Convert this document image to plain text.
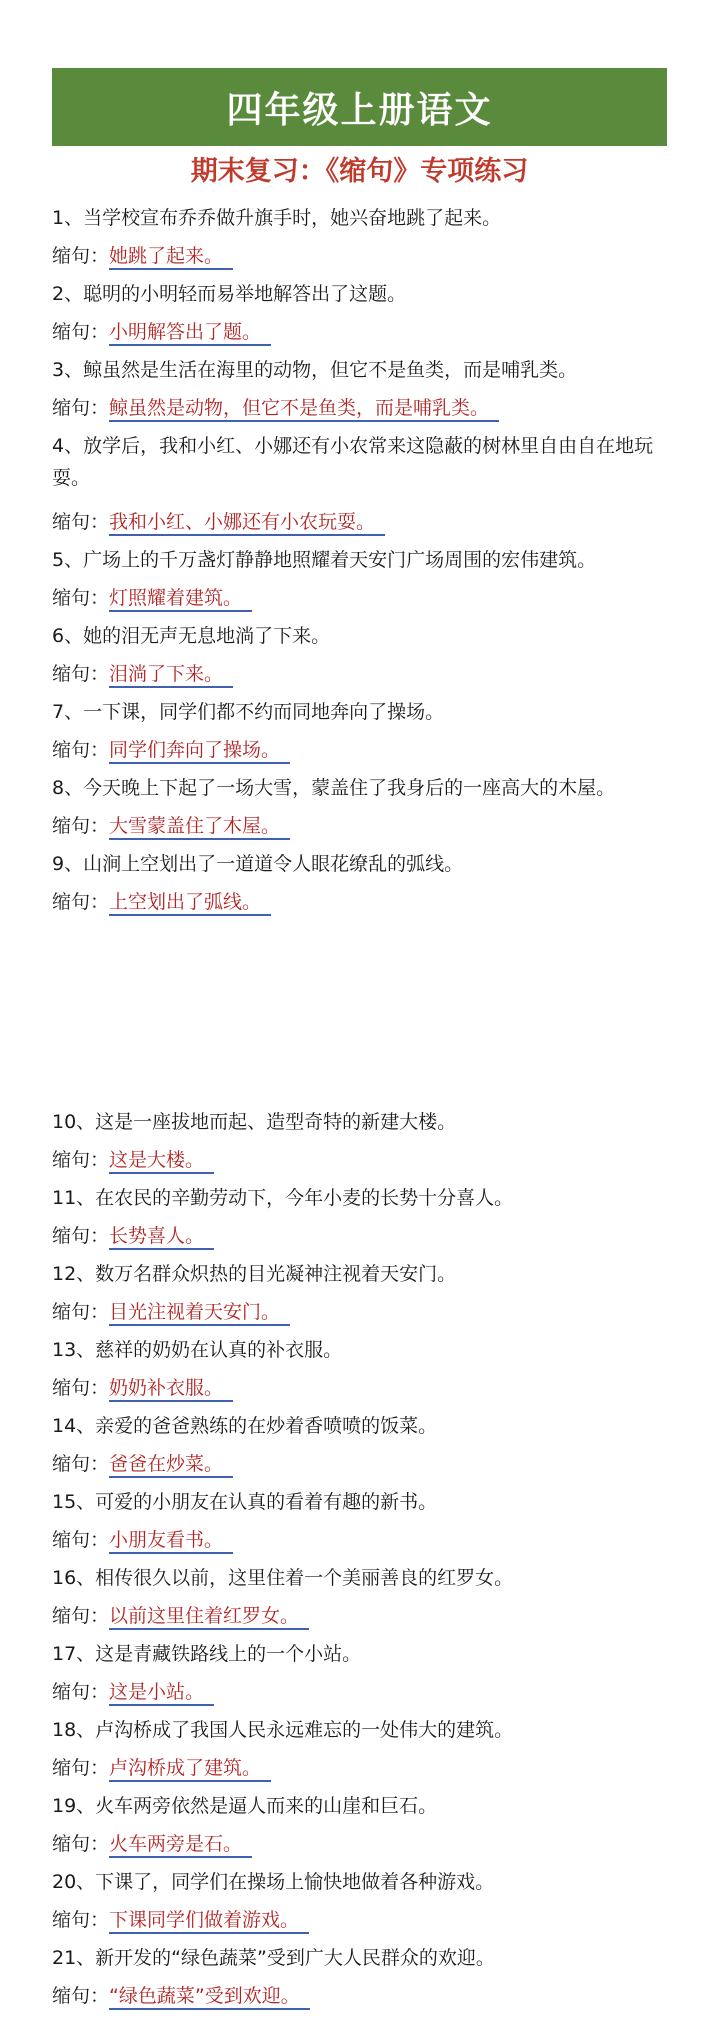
四年级上册语文
期末复习：《缩句》专项练习
1、当学校宣布乔乔做升旗手时，她兴奋地跳了起来。
缩句：她跳了起来。
2、聪明的小明轻而易举地解答出了这题。
缩句：小明解答出了题。
3、鲸虽然是生活在海里的动物，但它不是鱼类，而是哺乳类。
缩句：鲸虽然是动物，但它不是鱼类，而是哺乳类。
4、放学后，我和小红、小娜还有小农常来这隐蔽的树林里自由自在地玩耍。
缩句：我和小红、小娜还有小农玩耍。
5、广场上的千万盏灯静静地照耀着天安门广场周围的宏伟建筑。
缩句：灯照耀着建筑。
6、她的泪无声无息地淌了下来。
缩句：泪淌了下来。
7、一下课，同学们都不约而同地奔向了操场。
缩句：同学们奔向了操场。
8、今天晚上下起了一场大雪，蒙盖住了我身后的一座高大的木屋。
缩句：大雪蒙盖住了木屋。
9、山涧上空划出了一道道令人眼花缭乱的弧线。
缩句：上空划出了弧线。
10、这是一座拔地而起、造型奇特的新建大楼。
缩句：这是大楼。
11、在农民的辛勤劳动下，今年小麦的长势十分喜人。
缩句：长势喜人。
12、数万名群众炽热的目光凝神注视着天安门。
缩句：目光注视着天安门。
13、慈祥的奶奶在认真的补衣服。
缩句：奶奶补衣服。
14、亲爱的爸爸熟练的在炒着香喷喷的饭菜。
缩句：爸爸在炒菜。
15、可爱的小朋友在认真的看着有趣的新书。
缩句：小朋友看书。
16、相传很久以前，这里住着一个美丽善良的红罗女。
缩句：以前这里住着红罗女。
17、这是青藏铁路线上的一个小站。
缩句：这是小站。
18、卢沟桥成了我国人民永远难忘的一处伟大的建筑。
缩句：卢沟桥成了建筑。
19、火车两旁依然是逼人而来的山崖和巨石。
缩句：火车两旁是石。
20、下课了，同学们在操场上愉快地做着各种游戏。
缩句：下课同学们做着游戏。
21、新开发的“绿色蔬菜”受到广大人民群众的欢迎。
缩句：“绿色蔬菜”受到欢迎。
